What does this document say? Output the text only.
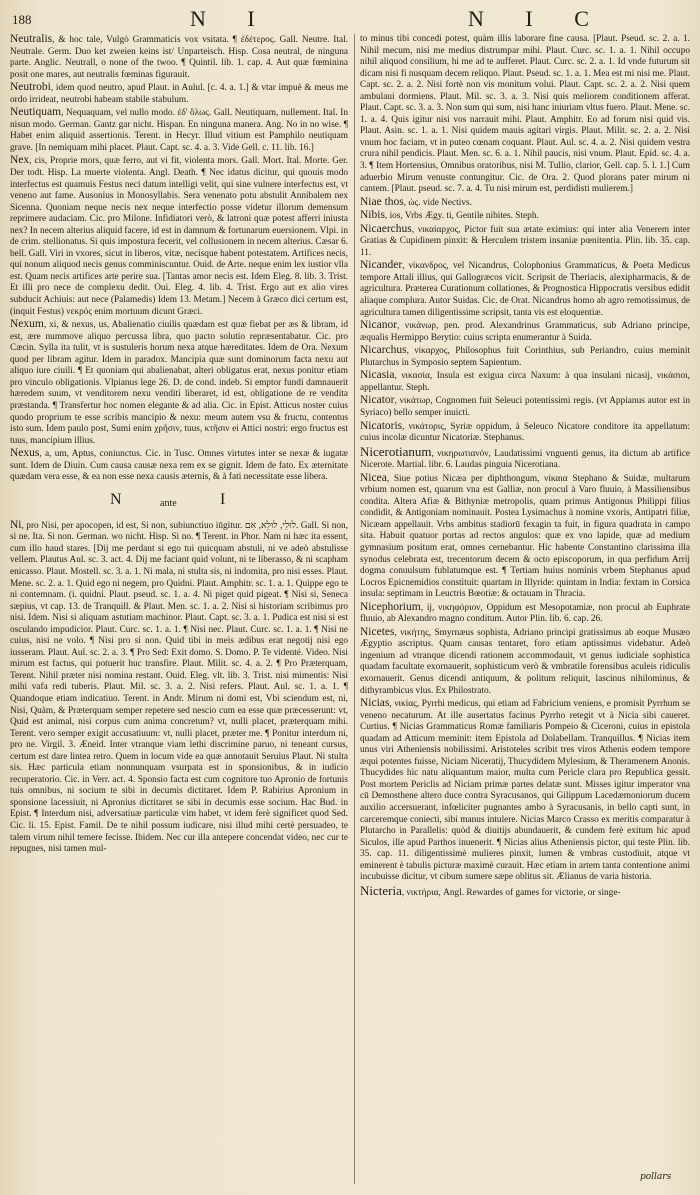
188	N I	N I C

Neutralis, & hoc tale, Vulgò Grammaticis vox vsitata. ¶ ἐδέτερος. Gall. Neutre. Ital. Neutrale. Germ. Duo ket zweien keins ist/ Unparteisch. Hisp. Cosa neutral, de ninguna parte. Anglic. Neutrall, o none of the twoo. ¶ Quintil. lib. 1. cap. 4. Aut quæ fœminina posit one mares, aut neutralis fœminas figurauit.

Neutrobi, idem quod neutro, apud Plaut. in Aulul. [c. 4. a. 1.] & vtar impuè & meus me ordo irrideat, neutrobi habeam stabile stabulum.

Neutiquam, Nequaquam, vel nullo modo. ἐδ' ὅλως. Gall. Neutiquam, nullement. Ital. In nisun modo. German. Gantz gar nicht. Hispan. En ninguna manera. Ang. No in no wise. ¶ Habet enim aliquid assertionis. Terent. in Hecyr. Illud vitium est Pamphilo neutiquam grave. [In nemiquam mihi placet. Plaut. Capt. sc. 4. a. 3. Vide Gell. c. 11. lib. 16.]

Nex, cis, Proprie mors, quæ ferro, aut vi fit, violenta mors. Gall. Mort. Ital. Morte. Ger. Der todt. Hisp. La muerte violenta. Angl. Death. ¶ Nec idatus dicitur, qui quouis modo interfectus est quamuis Festus neci datum intelligi velit, qui sine vulnere interfectus est, vt veneno aut fame. Ausonius in Monosyllabis. Sera venenato potu abstulit Annibalem nex Sicenna. Quoniam neque necis nex neque interfectio posse videtur illorum demensum reprimere audaciam. Cic. pro Milone. Infidiatori verò, & latroni quæ potest afferri iniusta nex? In necem alterius aliquid facere, id est in damnum & fortunarum euersionem. Vlpi. in de crim. stellionatus. Si quis impostura fecerit, vel collusionem in necem alterius. Cæsar 6. bell. Gall. Viri in vxores, sicut in liberos, vitæ, necisque habent potestatem. Artifices necis, qui nonum aliquod necis genus comminiscuntur. Ouid. de Arte. neque enim lex iustior vlla est. Quam necis artifices arte perire sua. [Tantas amor necis est. Idem Eleg. 8. lib. 3. Trist. Et illi pro nece de complexu dedit. Oui. Eleg. 4. lib. 4. Trist. Ergo aut ex alio vires subducit Achiuis: aut nece (Palamedis) Idem 13. Metam.] Necem à Græco dici certum est, (inquit Festus) νεκρός enim mortuum dicunt Græci.

Nexum, xi, & nexus, us, Abalienatio ciuilis quædam est quæ fiebat per æs & libram, id est, ære nummove aliquo percussa libra, quo pacto solutio repræsentabatur. Cic. pro Cæcin. Sylla ita tulit, vt is sustuleris horum nexa atque hæreditates. Idem de Ora. Nexum quod per libram agitur. Idem in paradox. Mancipia quæ sunt dominorum facta nexu aut aliquo iure ciuili. ¶ Et quoniam qui abalienabat, alteri obligatus erat, nexus ponitur etiam pro vinculo obligationis. Vlpianus lege 26. D. de cond. indeb. Si emptor fundi damnauerit hæredem suum, vt venditorem nexu venditi liberaret, id est, obligatione de re vendita præstanda. ¶ Transfertur hoc nomen elegante & ad alia. Cic. in Epist. Atticus noster cuius quodo proprium te esse scribis mancipio & nexu: meum autem vsu & fructu, contentus isto sum. Idem paulo post, Sumi enim χρῆσιν, tuus, κτῆσιν ei Attici nostri: ergo fructus est tuus, mancipium illius.

Nexus, a, um, Aptus, coniunctus. Cic. in Tusc. Omnes virtutes inter se nexæ & iugatæ sunt. Idem de Diuin. Cum causa causæ nexa rem ex se gignit. Idem de fato. Ex æternitate quædam vera esse, & ea non esse nexa causis æternis, & à fati necessitate esse libera.

N	ante	I

Ni, pro Nisi, per apocopen, id est, Si non, subiunctiuo iūgitur. לוּלֵי, לוּלֵא, אִם. Gall. Si non, si ne. Ita. Si non. German. wo nicht. Hisp. Si no. ¶ Terent. in Phor. Nam ni hæc ita essent, cum illo haud stares. [Dij me perdant si ego tui quicquam abstuli, ni ve adeò abstulisse vellem. Plautus Aul. sc. 3. act. 4. Dij me faciant quid volunt, ni te liberasso, & ni scapham enicasso. Plaut. Mostell. sc. 3. a. 1. Ni mala, ni stulta sis, ni indomita, pro nisi esses. Plaut. Mene. sc. 2. a. 1. Quid ego ni negem, pro Quidni. Plaut. Amphitr. sc. 1. a. 1. Quippe ego te ni contemnam. (i. quidni. Plaut. pseud. sc. 1. a. 4. Ni piget quid pigeat. ¶ Nisi si, Seneca sæpius, vt cap. 13. de Tranquill. & Plaut. Men. sc. 1. a. 2. Nisi si historiam scribimus pro nisi. Idem. Nisi si aliquam astutiam machinor. Plaut. Capt. sc. 3. a. 1. Pudica est nisi si est osculando impudicior. Plaut. Curc. sc. 1. a. 1. ¶ Nisi nec. Plaut. Curc. sc. 1. a. 1. ¶ Nisi ne cuius, nisi ne volo. ¶ Nisi pro si non. Quid tibi in meis ædibus erat negotij nisi ego iusseram. Plaut. Aul. sc. 2. a. 3. ¶ Pro Sed: Exit domo. S. Domo. P. Te videnté. Video. Nisi mirum est factus, qui potuerit huc transfire. Plaut. Milit. sc. 4. a. 2. ¶ Pro Præterquam, Terent. Nihil præter nisi nomina restant. Ouid. Eleg. vlt. lib. 3. Trist. nisi mimentis: Nisi mihi vafa redi tuberis. Plaut. Mil. sc. 3. a. 2. Nisi refers. Plaut. Aul. sc. 1. a. 1. ¶ Quandoque etiam indicatiuo. Terent. in Andr. Mirum ni domi est, Vbi sciendum est, ni, Nisi, Quàm, & Præterquam semper repetere sed nescio cum ea esse quæ præcesserunt: vt, Quid est animal, nisi corpus cum anima concretum? vt, nulli placet, præterquam mihi. Terent. vero semper exigit accusatiuum: vt, nulli placet, præter me. ¶ Ponitur interdum ni, pro ne. Virgil. 3. Æneid. Inter vtranque viam lethi discrimine paruo, ni teneant cursus, certum est dare lintea retro. Quem in locum vide ea quæ annotauit Seruius Plaut. Ni stulta sis. Hæc particula etiam nonnunquam vsurpata est in sponsionibus, & in iudicio recuperatorio. Cic. in Verr. act. 4. Sponsio facta est cum cognitore tuo Apronio de fortunis tuis omnibus, ni socium te sibi in decumis dictitaret. Idem P. Rabirius Apronium in sponsione lacessiuit, ni Apronius dictitaret se sibi in decumis esse socium. Hac Bud. in Epist. ¶ Interdum nisi, adversatiuæ particulæ vim habet, vt idem ferè significet quod Sed. Cic. li. 15. Epist. Famil. De te nihil possum iudicare, nisi illud mihi certè persuadeo, te talem virum nihil temere fecisse. Ibidem. Nec cur illa antepere concendat video, nec cur te repugnes, nisi tamen mul-

to minus tibi concedi potest, quàm illis laborare fine causa. [Plaut. Pseud. sc. 2. a. 1. Nihil mecum, nisi me medius distrumpar mihi. Plaut. Curc. sc. 1. a. 1. Nihil occupo nihil aliquod consilium, hi me ad te aufferet. Plaut. Curc. sc. 2. a. 1. Id vnde futurum sit dicam nisi fi nusquam decem reliquo. Plaut. Pseud. sc. 1. a. 1. Mea est mi nisi me. Plaut. Capt. sc. 2. a. 2. Nisi fortè non vis monitum volui. Plaut. Capt. sc. 2. a. 2. Nisi quem ambulaui dormiens. Plaut. Mil. sc. 3. a. 3. Nisi quis meliorem conditionem afferat. Plaut. Capt. sc. 3. a. 3. Non sum qui sum, nisi hanc iniuriam vltus fuero. Plaut. Mene. sc. 1. a. 4. Quis igitur nisi vos narrauit mihi. Plaut. Amphitr. Eo ad forum nisi quid vis. Plaut. Asin. sc. 1. a. 1. Nisi quidem mauis agitari virgis. Plaut. Milit. sc. 2. a. 2. Nisi vnum hoc faciam, vt in puteo cœnam coquant. Plaut. Aul. sc. 4. a. 2. Nisi quidem vestra crura nihil pendicis. Plaut. Men. sc. 6. a. 1. Nihil paucis, nisi vnum. Plaut. Epid. sc. 4. a. 3. ¶ Item Hortensius, Omnibus oratoribus, nisi M. Tullio, clarior, Gell. cap. 5. l. 1.] Cum aduerbio Mirum venuste contungitur. Cic. de Ora. 2. Quod plorans pater mirum ni cantem. [Plaut. pseud. sc. 7. a. 4. Tu nisi mirum est, perdidisti mulierem.]

Niae thos, ὠς. vide Nectivs.

Nibis, ios, Vrbs Ægy. ti, Gentile nibites. Steph.

Nicaerchus, νικαίαρχος, Pictor fuit sua ætate eximius: qui inter alia Venerem inter Gratias & Cupidinem pinxit: & Herculem tristem insaniæ pœnitentia. Plin. lib. 35. cap. 11.

Nicander, νίκανδρος, vel Nicandrus, Colophonius Grammaticus, & Poeta Medicus tempore Attali illius, qui Gallogræcos vicit. Scripsit de Theriacis, alexipharmacis, & de agricultura. Præterea Curationum collationes, & Prognostica Hippocratis versibus edidit aliaque complura. Autor Suidas. Cic. de Orat. Nicandrus homo ab agro remotissimus, de agricultura tamen diligentissime scripsit, tanta vis est eloquentiæ.

Nicanor, νικάνωρ, pen. prod. Alexandrinus Grammaticus, sub Adriano principe, æqualis Hermippo Berytio: cuius scripta enumerantur à Suida.

Nicarchus, νίκαρχος, Philosophus fuit Corinthius, sub Periandro, cuius meminit Plutarchus in Symposio septem Sapientum.

Nicasia, νικασία, Insula est exigua circa Naxum: à qua insulani nicasij, νικάσιοι, appellantur. Steph.

Nicator, νικάτωρ, Cognomen fuit Seleuci potentissimi regis. (vt Appianus autor est in Syriaco) bello semper inuicti.

Nicatoris, νικάτορις, Syriæ oppidum, à Seleuco Nicatore conditore ita appellatum: cuius incolæ dicuntur Nicatoriæ. Stephanus.

Nicerotianum, νικηρωτιανόν, Laudatissimi vnguenti genus, ita dictum ab artifice Nicerote. Martial. libr. 6. Laudas pinguia Nicerotiana.

Nicea, Siue potius Nicæa per diphthongum, νίκαια Stephano & Suidæ, multarum vrbium nomen est, quarum vna est Galliæ, non procul à Varo fluuio, à Massiliensibus condita. Altera Afiæ & Bithyniæ metropolis, quam primus Antigonus Philippi filius condidit, & Antigoniam nominauit. Postea Lysimachus à nomine vxoris, Antipatri filiæ, Nicæam appellauit. Vrbs ambitus stadiorū fexagin ta fuit, in figura quadrata in campo sita. Habuit quatuor portas ad rectos angulos: quæ ex vno lapide, quæ ad medium gymnasium positum erat, omnes cernebantur. Hic habente Constantino clarissima illa synodus celebrata est, trecentorum decem & octo episcoporum, in qua perfidum Arrij dogma conuulsum fublatumque est. ¶ Tertiam huius nominis vrbem Stephanus apud Locros Epicnemidios constituit: quartam in Illyride: quintam in India: fextam in Corsica insula: septimam in Leuctris Bœotiæ: & octauam in Thracia.

Nicephorium, ij, νικηφόριον, Oppidum est Mesopotamiæ, non procul ab Euphrate fluuio, ab Alexandro magno conditum. Autor Plin. lib. 6. cap. 26.

Nicetes, νικήτης, Smyrnæus sophista, Adriano principi gratissimus ab eoque Musæo Ægyptio ascriptus. Quam causas tentaret, foro etiam aptissimus videbatur. Adeò ingenium ad vtranque dicendi rationem accommodauit, vt genus iudiciale sophistica quadam facultate exornauerit, sophisticum verò & vmbratile forensibus aculeis ridiculis exornauerit. Genus dicendi antiquum, & politum reliquit, lascinus nihilominus, & dithyrambicus vlus. Ex Philostrato.

Nicias, νικίας, Pyrrhi medicus, qui etiam ad Fabricium veniens, e promisit Pyrrhum se veneno necaturum. At ille ausertatus facinus Pyrrho retegit vt à Nicia sibi caueret. Curtius. ¶ Nicias Grammaticus Romæ familiaris Pompeio & Ciceroni, cuius in epistola quadam ad Atticum meminit: item Epistola ad Dolabellam. Tranquillus. ¶ Nicias item unus viri Atheniensis nobilissimi. Aristoteles scribit tres viros Athenis eodem tempore æqui potentes fuisse, Niciam Niceratij, Thucydidem Mylesium, & Theramenem Anonis. Thucydides hic natu aliquantum maior, multa cum Pericle clara pro Republica gessit. Post mortem Periclis ad Niciam primæ partes delatæ sunt. Misses igitur imperator vna cū Demosthene altero duce contra Syracusanos, qui Gilippum Lacedæmoniorum ducem auxilio accersuerant, infœliciter pugnantes ambo à Syracusanis, in bello capti sunt, in carceremque coniecti, sibi manus intulere. Nicias Marco Crasso ex meritis comparatur à Plutarcho in Parallelis: quòd & diuitijs abundauerit, & cundem ferè exitum hic apud Siculos, ille apud Parthos inuenerit. ¶ Nicias alius Atheniensis pictor, qui teste Plin. lib. 35. cap. 11. diligentissimè mulieres pinxit, lumen & vmbras custodiuit, atque vt eminerent è tabulis picturæ maximè curauit. Hæc etiam in artem tanta contentione animi incubuisse dicitur, vt cibum sumere sæpe oblitus sit. Ælianus de varia historia.

Nicteria, νικτήρια, Angl. Rewardes of games for victorie, or singe-

pollars
